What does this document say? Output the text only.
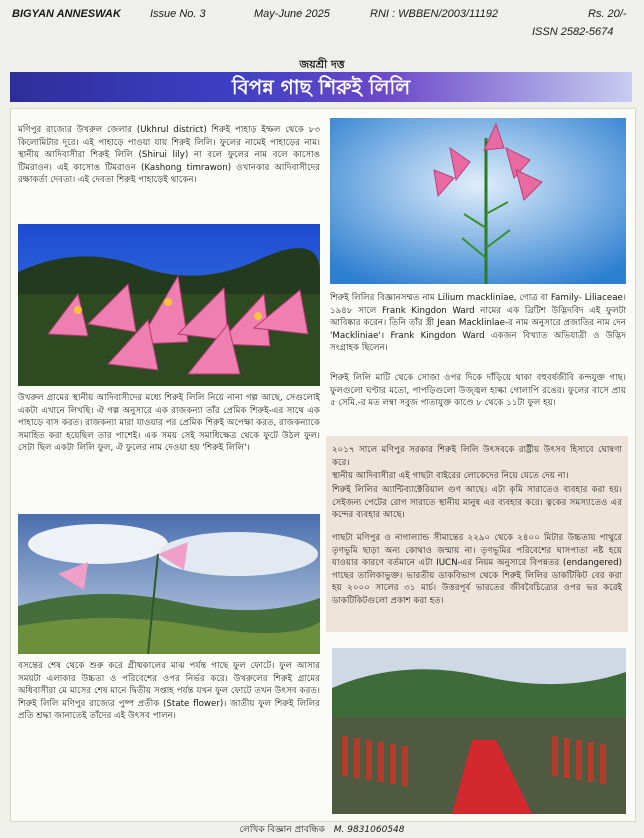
BIGYAN ANNESWAK	Issue No. 3	May-June 2025	RNI : WBBEN/2003/11192	Rs. 20/-
ISSN 2582-5674
জয়শ্রী দত্ত
বিপন্ন গাছ শিরুই লিলি
মণিপুর রাজ্যের উখরুল জেলার (Ukhrul district) শিরুই পাহাড় ইম্ফল থেকে ৮৩ কিলোমিটার দূরে। এই পাহাড়ে পাওয়া যায় শিরুই লিলি। ফুলের নামেই পাহাড়ের নাম। স্থানীয় আদিবাসীরা শিরুই লিলি (Shirui lily) না বলে ফুলের নাম বলে কাসোঙ টিমরাওন। এই কাসোঙ টিমরাওন (Kashong timrawon) ওখানকার আদিবাসীদের রক্ষাকর্তা দেবতা। এই দেবতা শিরুই পাহাড়েই থাকেন।
উখরুল গ্রামের স্থানীয় আদিবাসীদের মধ্যে শিরুই লিলি নিয়ে নানা গল্প আছে, সেগুলোই একটা এখানে লিখছি। ঐ গল্প অনুসারে এক রাজকন্যা তাঁর প্রেমিক শিরুই-এর সাথে এক পাহাড়ে বাস করত। রাজকন্যা মারা যাওয়ার পর প্রেমিক শিরুই অপেক্ষা করত, রাজকন্যাকে সমাহিত করা হয়েছিল তার পাশেই। এক সময় সেই সমাধিক্ষেত্র থেকে ফুটে উঠল ফুল। সেটা ছিল একটা লিলি ফুল, ঐ ফুলের নাম দেওয়া হয় 'শিরুই লিলি'।
বসন্তের শেষ থেকে শুরু করে গ্রীষ্মকালের মাঝ পর্যন্ত গাছে ফুল ফোটে। ফুল আসার সময়টা এলাকার উচ্চতা ও পরিবেশের ওপর নির্ভর করে। উখরুলের শিরুই গ্রামের অধিবাসীরা মে মাসের শেষ মানে দ্বিতীয় সপ্তাহ পর্যন্ত যখন ফুল ফোটে তখন উৎসব করত। শিরুই লিলি মণিপুর রাজ্যের পুষ্প প্রতীক (State flower)। জাতীয় ফুল শিরুই লিলির প্রতি শ্রদ্ধা জানাতেই তাঁদের এই উৎসব পালন।
শিরুই লিলির বিজ্ঞানসম্মত নাম Lilium mackliniae, গোত্র বা Family- Liliaceae। ১৯৪৮ সালে Frank Kingdon Ward নামের এক ব্রিটিশ উদ্ভিদবিদ এই ফুলটা আবিষ্কার করেন। তিনি তাঁর স্ত্রী Jean Macklinlae-র নাম অনুসারে প্রজাতির নাম দেন 'Mackliniae'। Frank Kingdon Ward একজন বিখ্যাত অভিযাত্রী ও উদ্ভিদ সংগ্রাহক ছিলেন।
শিরুই লিলি মাটি থেকে সোজা ওপর দিকে দাঁড়িয়ে থাকা বহুবর্ষজীবি কন্দযুক্ত গাছ। ফুলগুলো ঘণ্টার মতো, পাপড়িগুলো উজ্জ্বল হাল্কা গোলাপি রঙের। ফুলের বাসে প্রায় ৫ সেমি.-র মত লম্বা সবুজ পাতাযুক্ত কাণ্ডে ৮ থেকে ১১টা ফুল হয়।
২০১৭ সালে মণিপুর সরকার শিরুই লিলি উৎসবকে রাষ্ট্রীয় উৎসব হিসাবে ঘোষণা করে।
স্থানীয় আদিবাসীরা এই গাছটা বাইরের লোকেদের নিয়ে যেতে দেয় না।
শিরুই লিলির অ্যান্টিব্যাক্টেরিয়াল গুণ আছে। এটা কৃমি সারাতেও ব্যবহার করা হয়। সেইজন্য পেটের রোগ সারাতে স্থানীয় মানুষ এর ব্যবহার করে। ত্বকের সমস্যাতেও এর কন্দের ব্যবহার আছে।
গাছটা মণিপুর ও নাগাল্যান্ড সীমান্তের ২২৯০ থেকে ২৪০০ মিটার উচ্চতায় পাথুরে তৃণভূমি ছাড়া অন্য কোথাও জন্মায় না। তৃণভূমির পরিবেশের ঘাসপাতা নষ্ট হয়ে যাওয়ার কারণে বর্তমানে এটা IUCN-এর নিয়ম অনুসারে বিপন্নতর (endangered) গাছের তালিকাভুক্ত। ভারতীয় ডাকবিভাগ থেকে শিরুই লিলির ডাকটিকিট বের করা হয় ২০০০ সালের ৩১ মার্চ। উত্তরপূর্ব ভারতের জীববৈচিত্র্যের ওপর ভর করেই ডাকটিকিটগুলো প্রকাশ করা হত।
লেখিক বিজ্ঞান প্রাবন্ধিক M. 9831060548
